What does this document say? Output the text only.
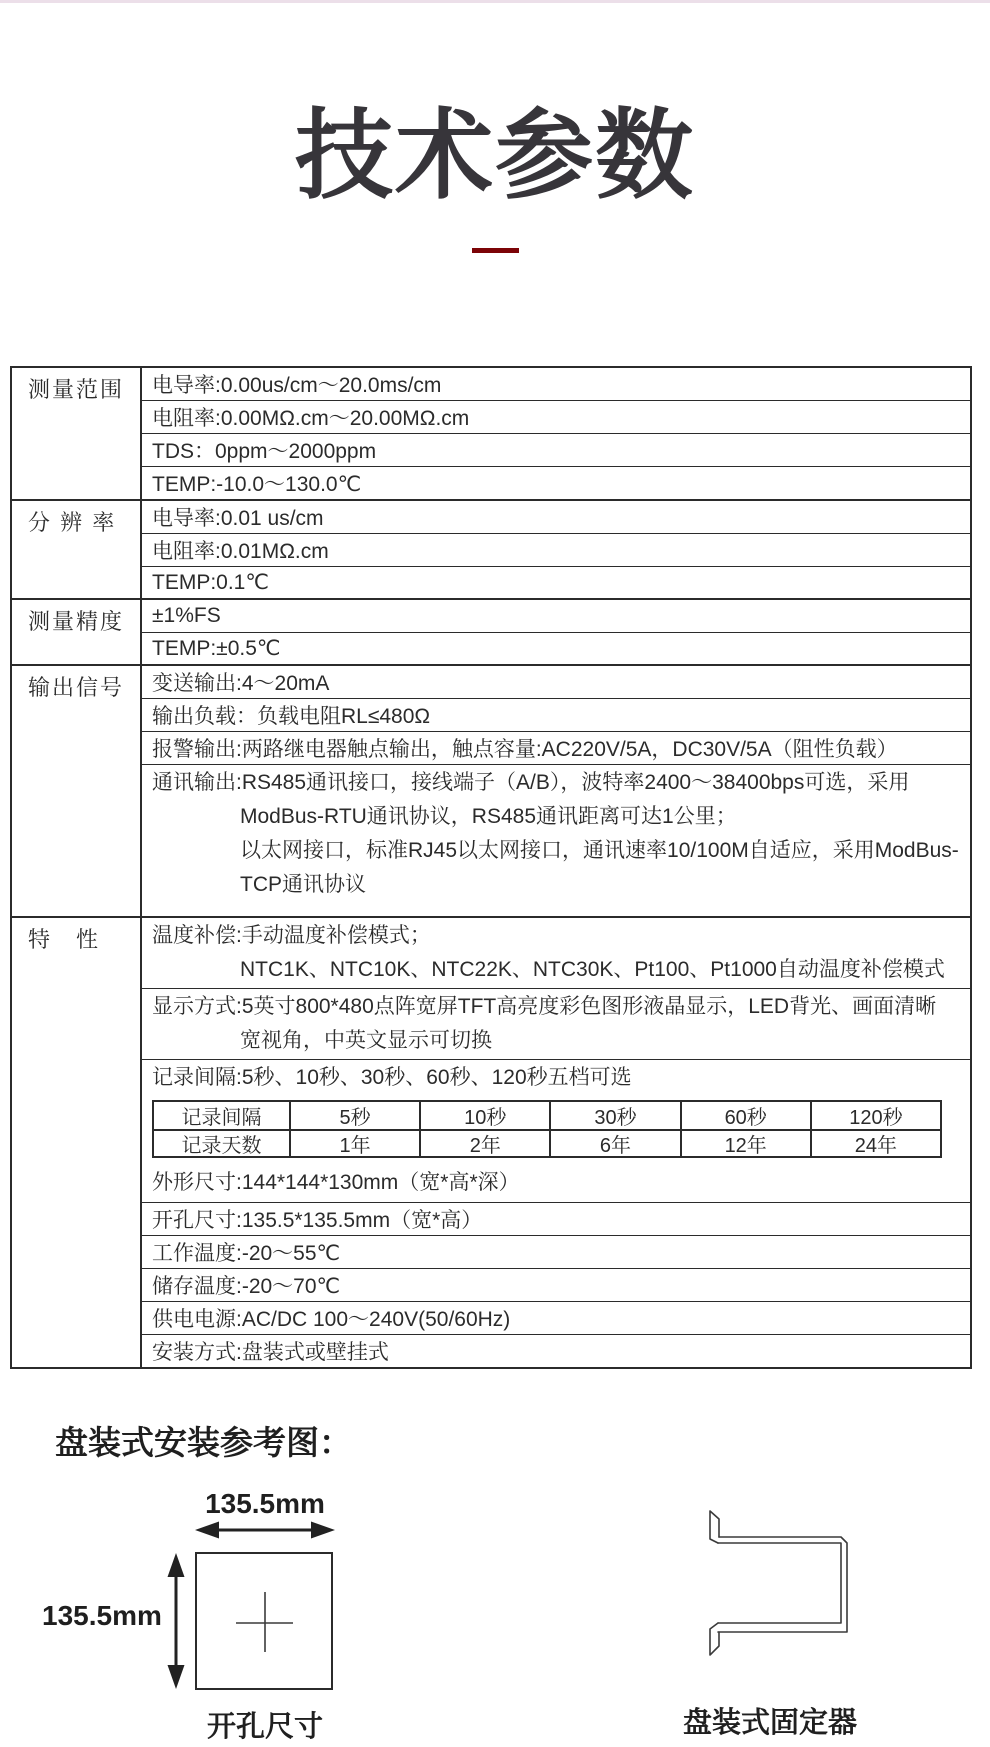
技术参数
测量范围	电导率:0.00us/cm～20.0ms/cm
电阻率:0.00MΩ.cm～20.00MΩ.cm
TDS：0ppm～2000ppm
TEMP:-10.0～130.0℃
分 辨 率	电导率:0.01 us/cm
电阻率:0.01MΩ.cm
TEMP:0.1℃
测量精度	±1%FS
TEMP:±0.5℃
输出信号	变送输出:4～20mA
输出负载：负载电阻RL≤480Ω
报警输出:两路继电器触点输出，触点容量:AC220V/5A，DC30V/5A（阻性负载）
通讯输出:RS485通讯接口，接线端子（A/B），波特率2400～38400bps可选，采用
ModBus-RTU通讯协议，RS485通讯距离可达1公里；
以太网接口，标准RJ45以太网接口，通讯速率10/100M自适应，采用ModBus-
TCP通讯协议
特　性	温度补偿:手动温度补偿模式；
NTC1K、NTC10K、NTC22K、NTC30K、Pt100、Pt1000自动温度补偿模式
显示方式:5英寸800*480点阵宽屏TFT高亮度彩色图形液晶显示，LED背光、画面清晰
宽视角，中英文显示可切换
记录间隔:5秒、10秒、30秒、60秒、120秒五档可选
记录间隔	5秒	10秒	30秒	60秒	120秒
记录天数	1年	2年	6年	12年	24年
外形尺寸:144*144*130mm（宽*高*深）
开孔尺寸:135.5*135.5mm（宽*高）
工作温度:-20～55℃
储存温度:-20～70℃
供电电源:AC/DC 100～240V(50/60Hz)
安装方式:盘装式或壁挂式
盘装式安装参考图：
135.5mm
135.5mm
开孔尺寸	盘装式固定器
